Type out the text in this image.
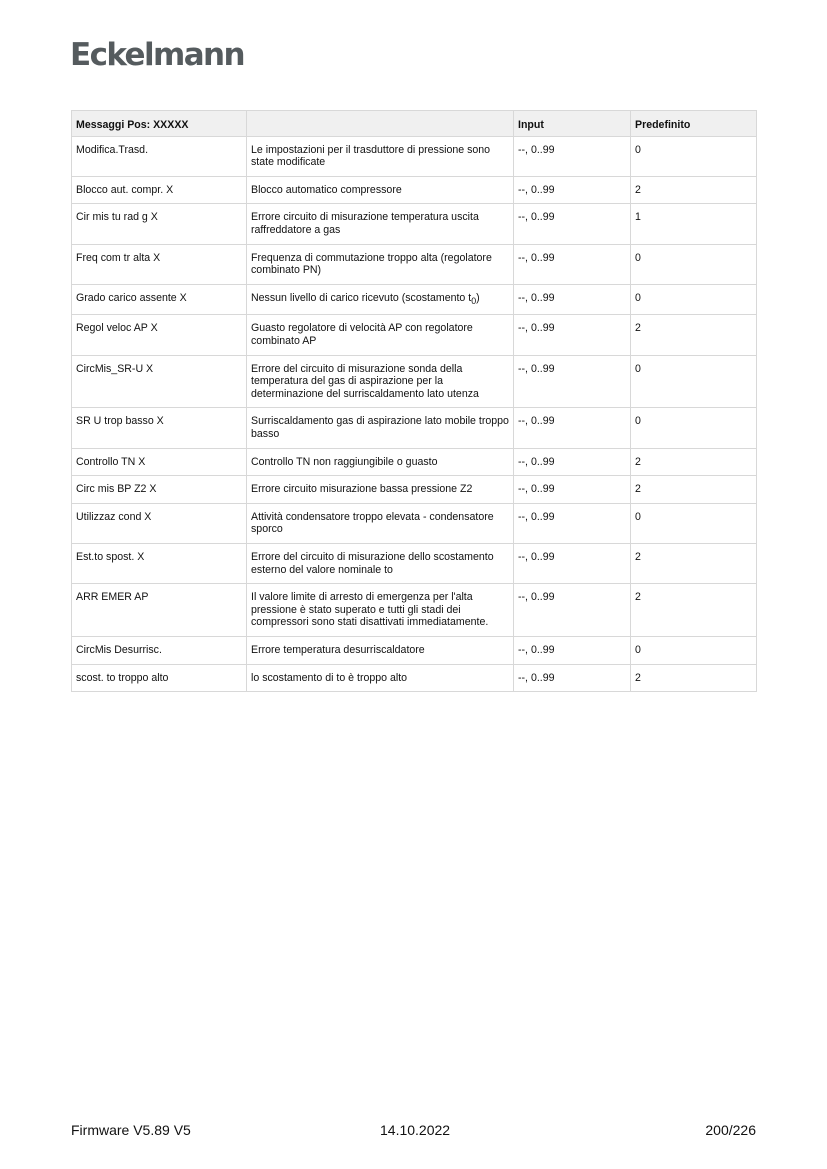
Eckelmann
Messaggi Pos: XXXXX		Input	Predefinito
Modifica.Trasd.	Le impostazioni per il trasduttore di pressione sono state modificate	--, 0..99	0
Blocco aut. compr. X	Blocco automatico compressore	--, 0..99	2
Cir mis tu rad g X	Errore circuito di misurazione temperatura uscita raffreddatore a gas	--, 0..99	1
Freq com tr alta X	Frequenza di commutazione troppo alta (regolatore combinato PN)	--, 0..99	0
Grado carico assente X	Nessun livello di carico ricevuto (scostamento $t_0$)	--, 0..99	0
Regol veloc AP X	Guasto regolatore di velocità AP con regolatore combinato AP	--, 0..99	2
CircMis_SR-U X	Errore del circuito di misurazione sonda della temperatura del gas di aspirazione per la determinazione del surriscaldamento lato utenza	--, 0..99	0
SR U trop basso X	Surriscaldamento gas di aspirazione lato mobile troppo basso	--, 0..99	0
Controllo TN X	Controllo TN non raggiungibile o guasto	--, 0..99	2
Circ mis BP Z2 X	Errore circuito misurazione bassa pressione Z2	--, 0..99	2
Utilizzaz cond X	Attività condensatore troppo elevata - condensatore sporco	--, 0..99	0
Est.to spost. X	Errore del circuito di misurazione dello scostamento esterno del valore nominale to	--, 0..99	2
ARR EMER AP	Il valore limite di arresto di emergenza per l'alta pressione è stato superato e tutti gli stadi dei compressori sono stati disattivati immediatamente.	--, 0..99	2
CircMis Desurrisc.	Errore temperatura desurriscaldatore	--, 0..99	0
scost. to troppo alto	lo scostamento di to è troppo alto	--, 0..99	2
Firmware V5.89 V5	14.10.2022	200/226
